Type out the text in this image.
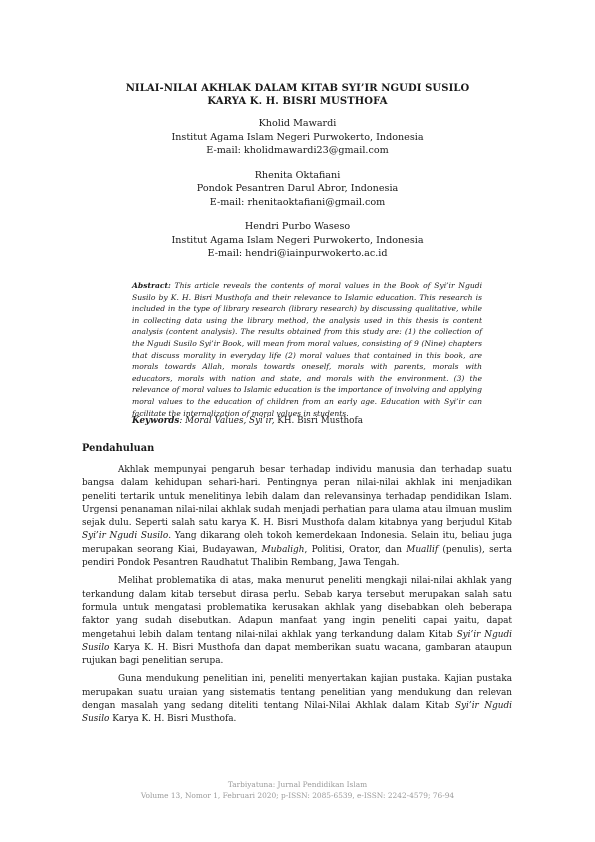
NILAI-NILAI AKHLAK DALAM KITAB SYI’IR NGUDI SUSILO
KARYA K. H. BISRI MUSTHOFA
Kholid Mawardi
Institut Agama Islam Negeri Purwokerto, Indonesia
E-mail: kholidmawardi23@gmail.com
Rhenita Oktafiani
Pondok Pesantren Darul Abror, Indonesia
E-mail: rhenitaoktafiani@gmail.com
Hendri Purbo Waseso
Institut Agama Islam Negeri Purwokerto, Indonesia
E-mail: hendri@iainpurwokerto.ac.id
Abstract: This article reveals the contents of moral values in the Book of Syi’ir Ngudi Susilo by K. H. Bisri Musthofa and their relevance to Islamic education. This research is included in the type of library research (library research) by discussing qualitative, while in collecting data using the library method, the analysis used in this thesis is content analysis (content analysis). The results obtained from this study are: (1) the collection of the Ngudi Susilo Syi’ir Book, will mean from moral values, consisting of 9 (Nine) chapters that discuss morality in everyday life (2) moral values that contained in this book, are morals towards Allah, morals towards oneself, morals with parents, morals with educators, morals with nation and state, and morals with the environment. (3) the relevance of moral values to Islamic education is the importance of involving and applying moral values to the education of children from an early age. Education with Syi’ir can facilitate the internalization of moral values in students.
Keywords: Moral Values, Syi’ir, KH. Bisri Musthofa
Pendahuluan

Akhlak mempunyai pengaruh besar terhadap individu manusia dan terhadap suatu bangsa dalam kehidupan sehari-hari. Pentingnya peran nilai-nilai akhlak ini menjadikan peneliti tertarik untuk menelitinya lebih dalam dan relevansinya terhadap pendidikan Islam. Urgensi penanaman nilai-nilai akhlak sudah menjadi perhatian para ulama atau ilmuan muslim sejak dulu. Seperti salah satu karya K. H. Bisri Musthofa dalam kitabnya yang berjudul Kitab Syi’ir Ngudi Susilo. Yang dikarang oleh tokoh kemerdekaan Indonesia. Selain itu, beliau juga merupakan seorang Kiai, Budayawan, Mubaligh, Politisi, Orator, dan Muallif (penulis), serta pendiri Pondok Pesantren Raudhatut Thalibin Rembang, Jawa Tengah.

Melihat problematika di atas, maka menurut peneliti mengkaji nilai-nilai akhlak yang terkandung dalam kitab tersebut dirasa perlu. Sebab karya tersebut merupakan salah satu formula untuk mengatasi problematika kerusakan akhlak yang disebabkan oleh beberapa faktor yang sudah disebutkan. Adapun manfaat yang ingin peneliti capai yaitu, dapat mengetahui lebih dalam tentang nilai-nilai akhlak yang terkandung dalam Kitab Syi’ir Ngudi Susilo Karya K. H. Bisri Musthofa dan dapat memberikan suatu wacana, gambaran ataupun rujukan bagi penelitian serupa.

Guna mendukung penelitian ini, peneliti menyertakan kajian pustaka. Kajian pustaka merupakan suatu uraian yang sistematis tentang penelitian yang mendukung dan relevan dengan masalah yang sedang diteliti tentang Nilai-Nilai Akhlak dalam Kitab Syi’ir Ngudi Susilo Karya K. H. Bisri Musthofa.

Tarbiyatuna: Jurnal Pendidikan Islam
Volume 13, Nomor 1, Februari 2020; p-ISSN: 2085-6539, e-ISSN: 2242-4579; 76-94
